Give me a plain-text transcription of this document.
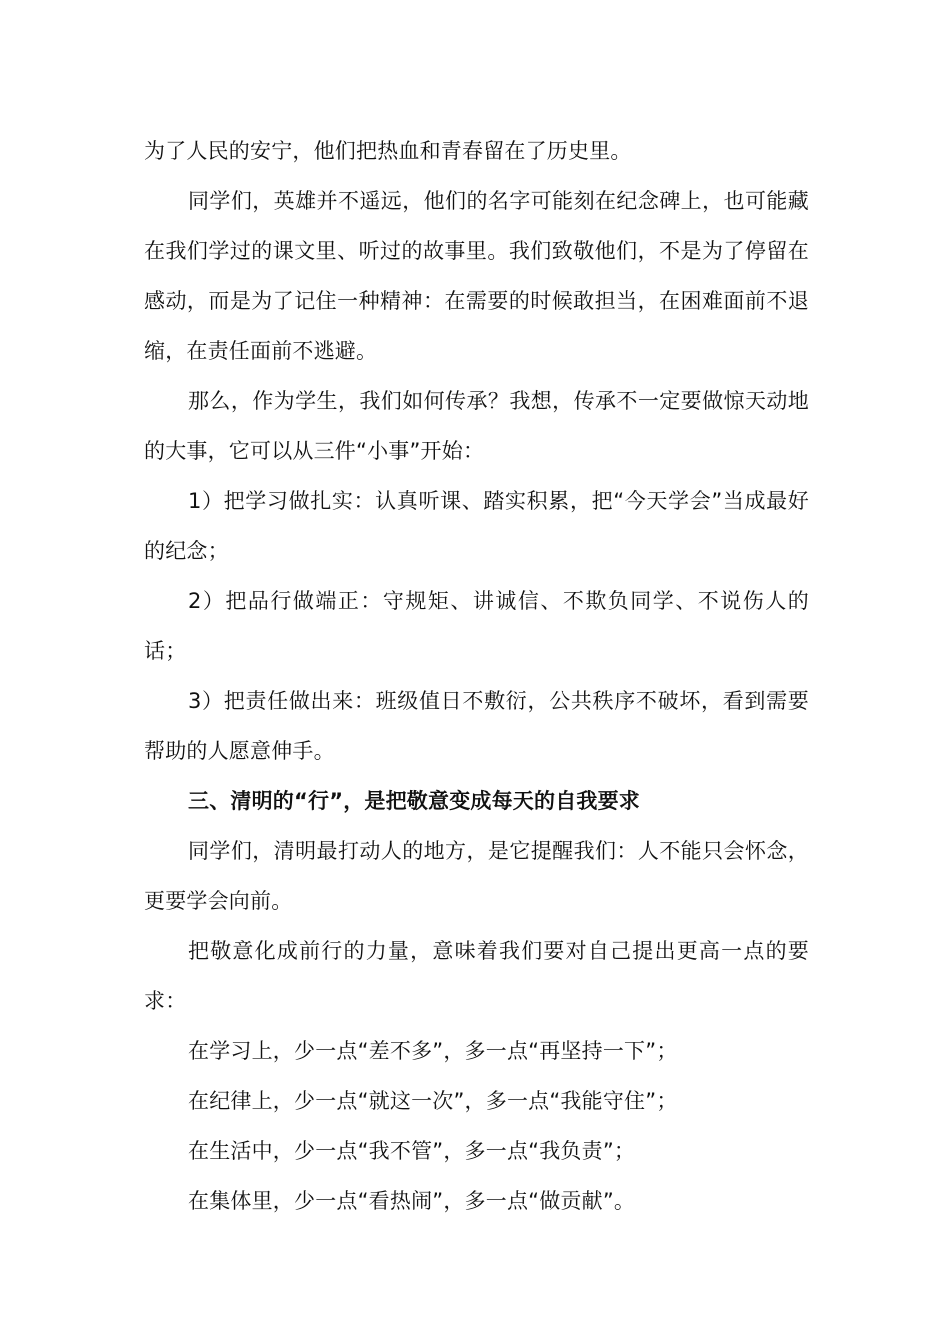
为了人民的安宁，他们把热血和青春留在了历史里。

同学们，英雄并不遥远，他们的名字可能刻在纪念碑上，也可能藏在我们学过的课文里、听过的故事里。我们致敬他们，不是为了停留在感动，而是为了记住一种精神：在需要的时候敢担当，在困难面前不退缩，在责任面前不逃避。

那么，作为学生，我们如何传承？我想，传承不一定要做惊天动地的大事，它可以从三件“小事”开始：

1）把学习做扎实：认真听课、踏实积累，把“今天学会”当成最好的纪念；

2）把品行做端正：守规矩、讲诚信、不欺负同学、不说伤人的话；

3）把责任做出来：班级值日不敷衍，公共秩序不破坏，看到需要帮助的人愿意伸手。

三、清明的“行”，是把敬意变成每天的自我要求

同学们，清明最打动人的地方，是它提醒我们：人不能只会怀念，更要学会向前。

把敬意化成前行的力量，意味着我们要对自己提出更高一点的要求：

在学习上，少一点“差不多”，多一点“再坚持一下”；

在纪律上，少一点“就这一次”，多一点“我能守住”；

在生活中，少一点“我不管”，多一点“我负责”；

在集体里，少一点“看热闹”，多一点“做贡献”。
